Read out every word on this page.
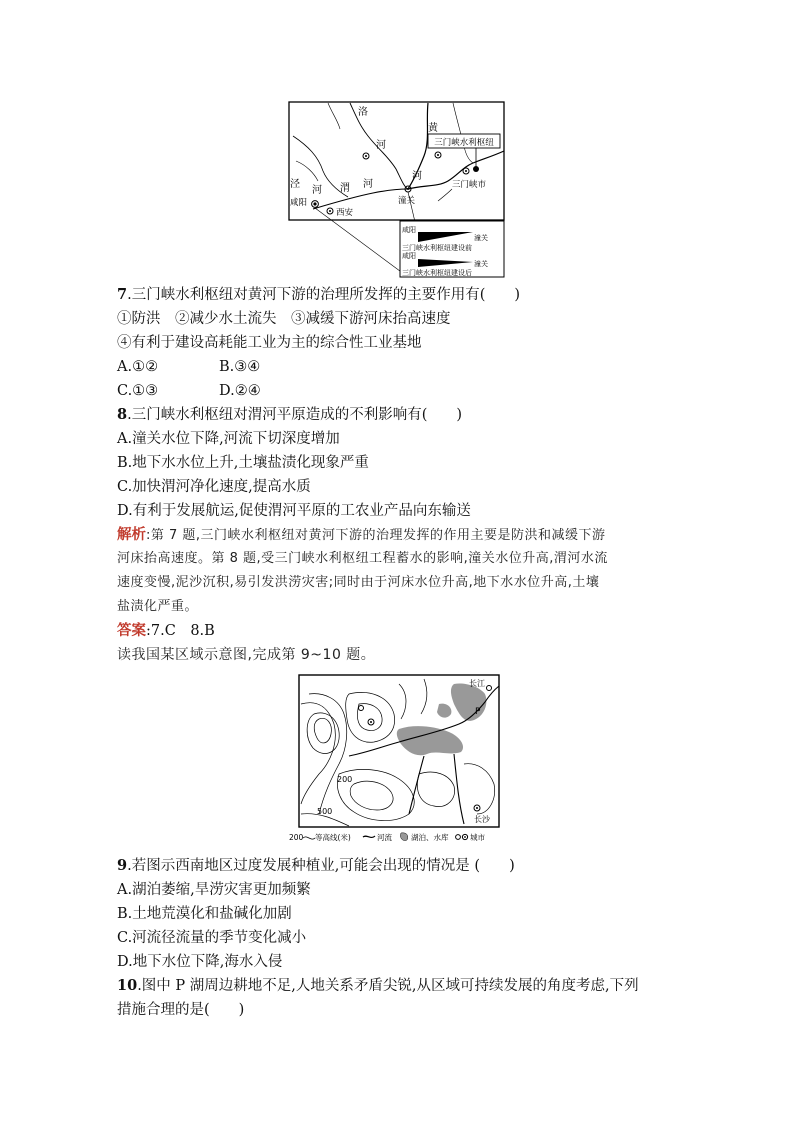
三门峡水利枢纽
洛
河
黄
河
泾
河 渭 河
潼关
咸阳
西安
三门峡市
咸阳
潼关
三门峡水利枢纽建设前
咸阳
潼关
三门峡水利枢纽建设后
7.三门峡水利枢纽对黄河下游的治理所发挥的主要作用有(　　)
①防洪　②减少水土流失　③减缓下游河床抬高速度
④有利于建设高耗能工业为主的综合性工业基地
A.①②	B.③④
C.①③	D.②④
8.三门峡水利枢纽对渭河平原造成的不利影响有(　　)
A.潼关水位下降,河流下切深度增加
B.地下水水位上升,土壤盐渍化现象严重
C.加快渭河净化速度,提高水质
D.有利于发展航运,促使渭河平原的工农业产品向东输送
解析:第 7 题,三门峡水利枢纽对黄河下游的治理发挥的作用主要是防洪和减缓下游
河床抬高速度。第 8 题,受三门峡水利枢纽工程蓄水的影响,潼关水位升高,渭河水流
速度变慢,泥沙沉积,易引发洪涝灾害;同时由于河床水位升高,地下水水位升高,土壤
盐渍化严重。
答案:7.C　8.B
读我国某区域示意图,完成第 9~10 题。
200
500
长江
P
长沙
200 等高线(米)	河流	湖泊、水库	城市
9.若图示西南地区过度发展种植业,可能会出现的情况是 (　　)
A.湖泊萎缩,旱涝灾害更加频繁
B.土地荒漠化和盐碱化加剧
C.河流径流量的季节变化减小
D.地下水位下降,海水入侵
10.图中 P 湖周边耕地不足,人地关系矛盾尖锐,从区域可持续发展的角度考虑,下列
措施合理的是(　　)
